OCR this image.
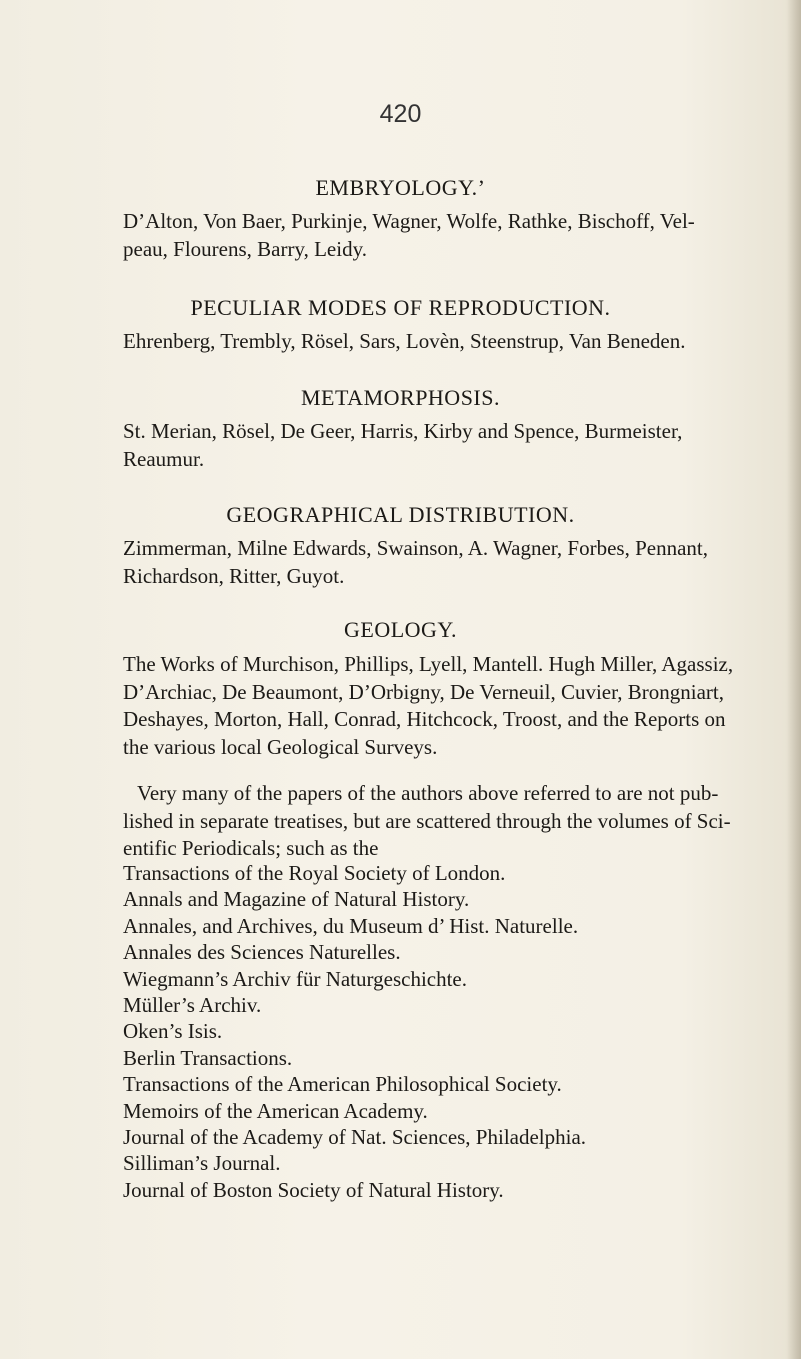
420
EMBRYOLOGY.’

D’Alton, Von Baer, Purkinje, Wagner, Wolfe, Rathke, Bischoff, Vel-
peau, Flourens, Barry, Leidy.

PECULIAR MODES OF REPRODUCTION.

Ehrenberg, Trembly, Rösel, Sars, Lovèn, Steenstrup, Van Beneden.

METAMORPHOSIS.

St. Merian, Rösel, De Geer, Harris, Kirby and Spence, Burmeister,
Reaumur.

GEOGRAPHICAL DISTRIBUTION.

Zimmerman, Milne Edwards, Swainson, A. Wagner, Forbes, Pennant,
Richardson, Ritter, Guyot.

GEOLOGY.

The Works of Murchison, Phillips, Lyell, Mantell. Hugh Miller, Agassiz,
D’Archiac, De Beaumont, D’Orbigny, De Verneuil, Cuvier, Brongniart,
Deshayes, Morton, Hall, Conrad, Hitchcock, Troost, and the Reports on
the various local Geological Surveys.

Very many of the papers of the authors above referred to are not pub-
lished in separate treatises, but are scattered through the volumes of Sci-
entific Periodicals; such as the

Transactions of the Royal Society of London.
Annals and Magazine of Natural History.
Annales, and Archives, du Museum d’ Hist. Naturelle.
Annales des Sciences Naturelles.
Wiegmann’s Archiv für Naturgeschichte.
Müller’s Archiv.
Oken’s Isis.
Berlin Transactions.
Transactions of the American Philosophical Society.
Memoirs of the American Academy.
Journal of the Academy of Nat. Sciences, Philadelphia.
Silliman’s Journal.
Journal of Boston Society of Natural History.
